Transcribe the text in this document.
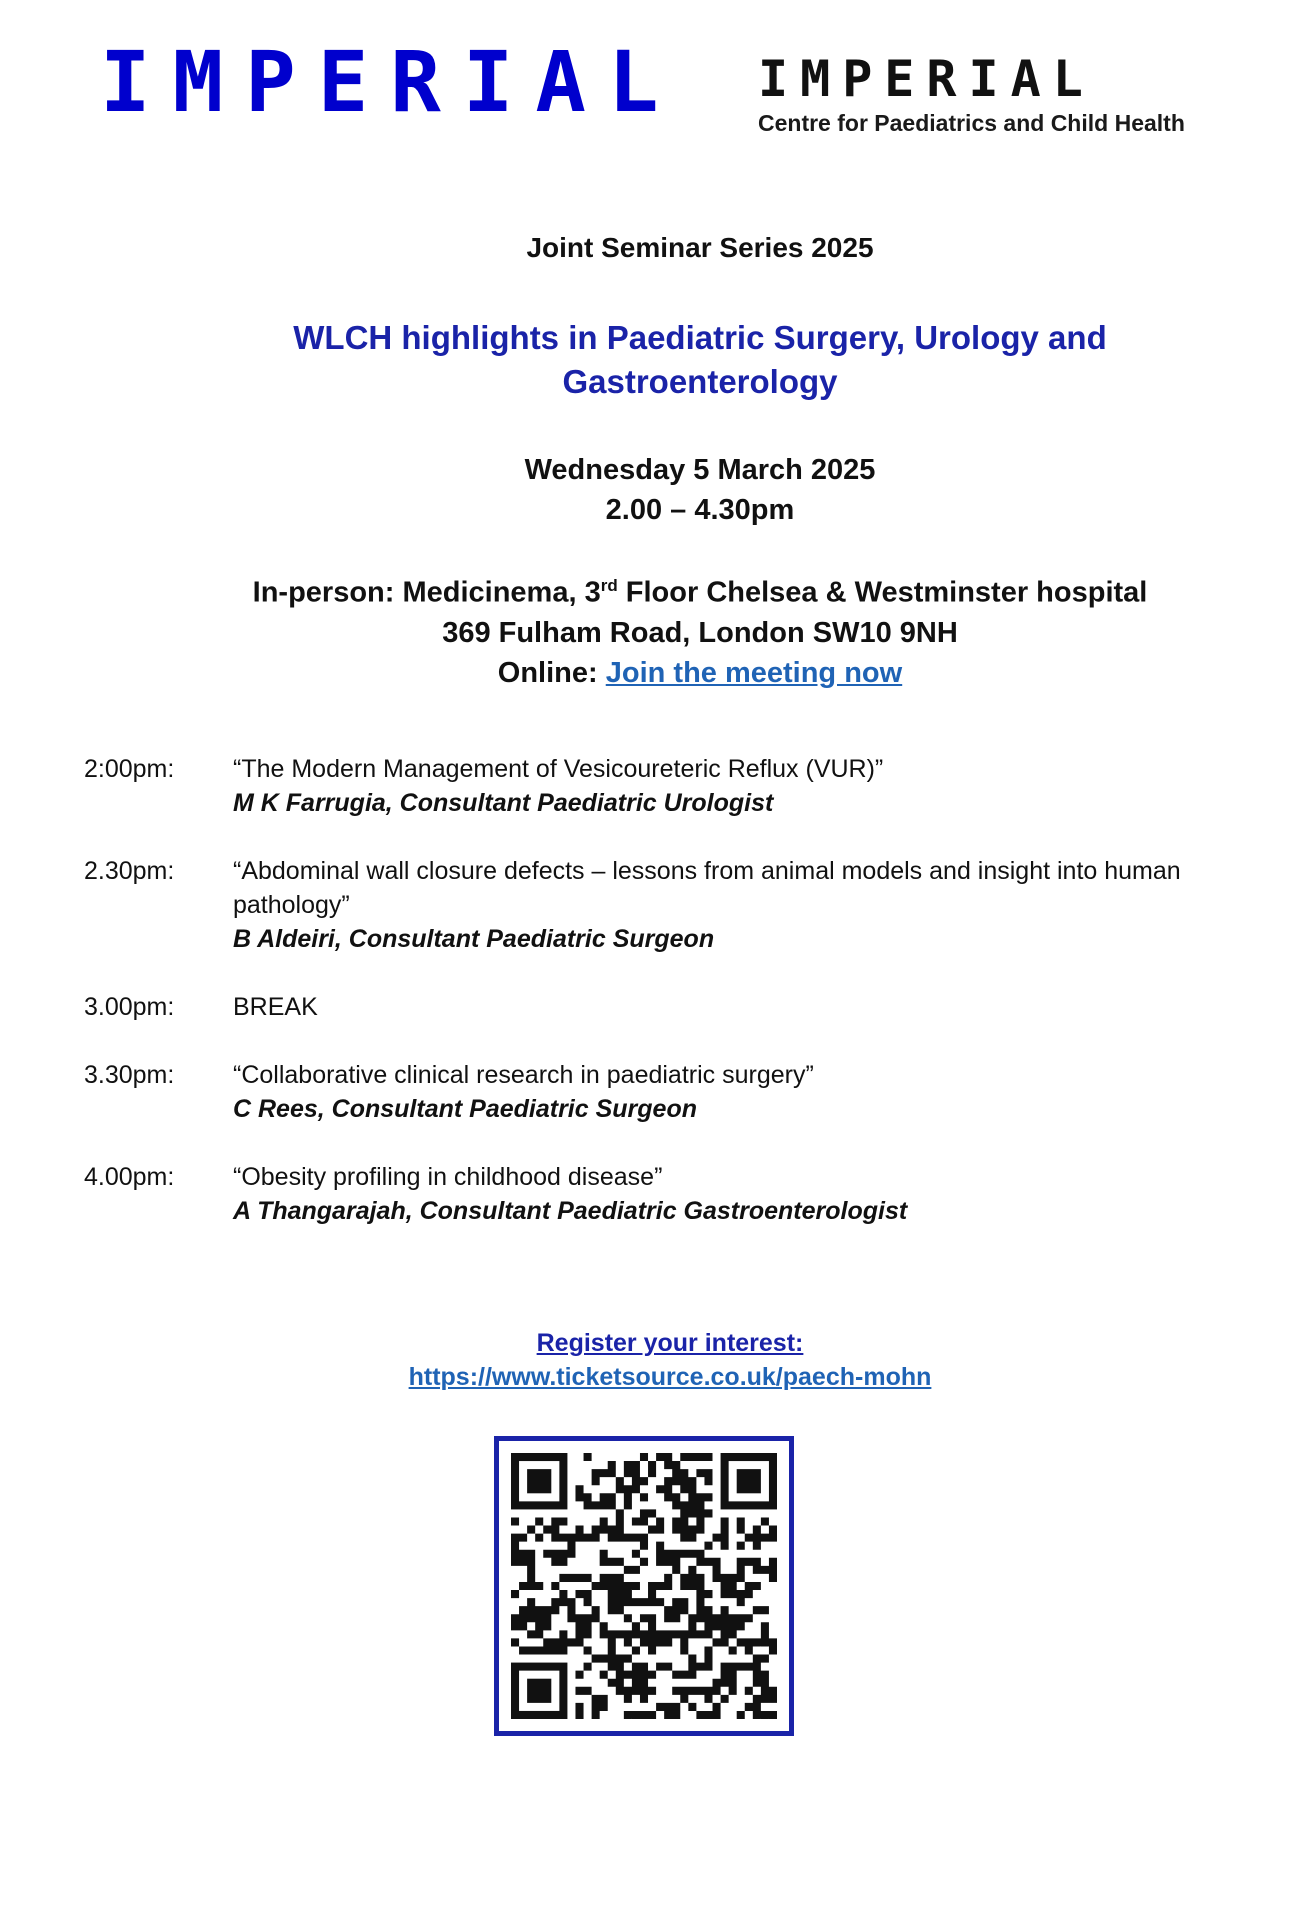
IMPERIAL IMPERIAL
Centre for Paediatrics and Child Health
Joint Seminar Series 2025
WLCH highlights in Paediatric Surgery, Urology and
Gastroenterology
Wednesday 5 March 2025
2.00 – 4.30pm
In-person: Medicinema, 3rd Floor Chelsea & Westminster hospital
369 Fulham Road, London SW10 9NH
Online: Join the meeting now
2:00pm:	“The Modern Management of Vesicoureteric Reflux (VUR)”
M K Farrugia, Consultant Paediatric Urologist
2.30pm:	“Abdominal wall closure defects – lessons from animal models and insight into human pathology”
B Aldeiri, Consultant Paediatric Surgeon
3.00pm:	BREAK
3.30pm:	“Collaborative clinical research in paediatric surgery”
C Rees, Consultant Paediatric Surgeon
4.00pm:	“Obesity profiling in childhood disease”
A Thangarajah, Consultant Paediatric Gastroenterologist
Register your interest:
https://www.ticketsource.co.uk/paech-mohn
